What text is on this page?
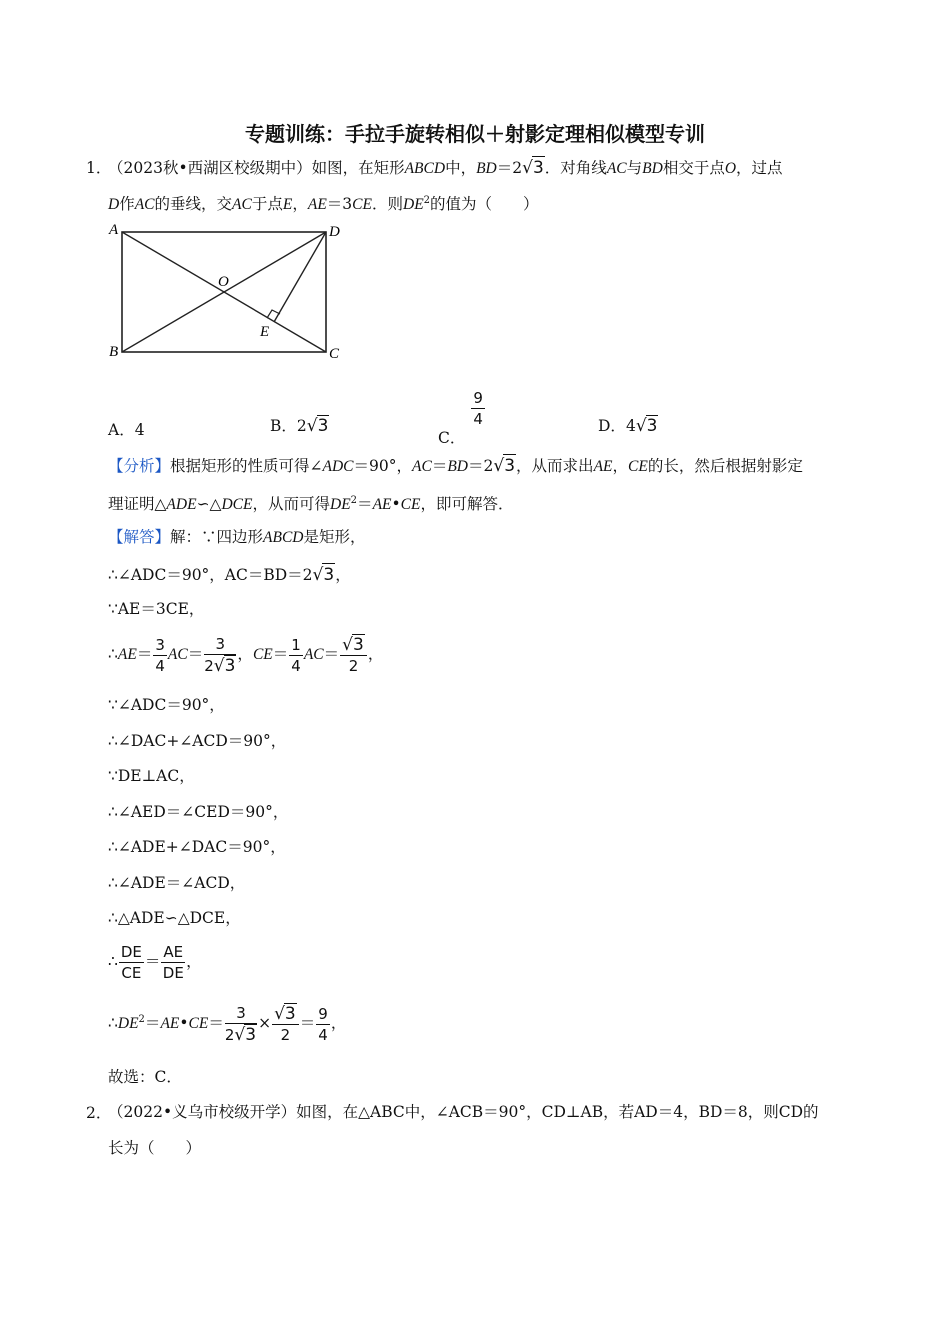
专题训练：手拉手旋转相似＋射影定理相似模型专训
1．
（2023秋•西湖区校级期中）如图，在矩形ABCD中，BD＝2√3．对角线AC与BD相交于点O，过点
D作AC的垂线，交AC于点E，AE＝3CE．则$DE^2$的值为（　　）
A
B	C
D
O
E
A．4	B．2√3
C．
$\frac{9}{4}$	D．4√3
【分析】根据矩形的性质可得∠ADC＝90°，AC＝BD＝2√3，从而求出AE，CE的长，然后根据射影定
理证明△ADE∽△DCE，从而可得$DE^2=AE•CE$，即可解答．
【解答】解：∵四边形ABCD是矩形，
∴∠ADC＝90°，AC＝BD＝2√3，
∵AE＝3CE，
∴AE＝ $\frac{3}{4} AC= \frac{3}{2√3}$ ，$CE= \frac{1}{4} AC= \frac{√3}{2}$ ，
∵∠ADC＝90°，
∴∠DAC+∠ACD＝90°，
∵DE⊥AC，
∴∠AED＝∠CED＝90°，
∴∠ADE+∠DAC＝90°，
∴∠ADE＝∠ACD，
∴△ADE∽△DCE，
∴ $\frac{DE}{CE} = \frac{AE}{DE}$ ，
$\therefore DE^2=AE•CE= \frac{3}{2√3} \times \frac{√3}{2} = \frac{9}{4}$ ，
故选：C．
2．
（2022•义乌市校级开学）如图，在△ABC中，∠ACB＝90°，CD⊥AB，若AD＝4，BD＝8，则CD的
长为（　　）
